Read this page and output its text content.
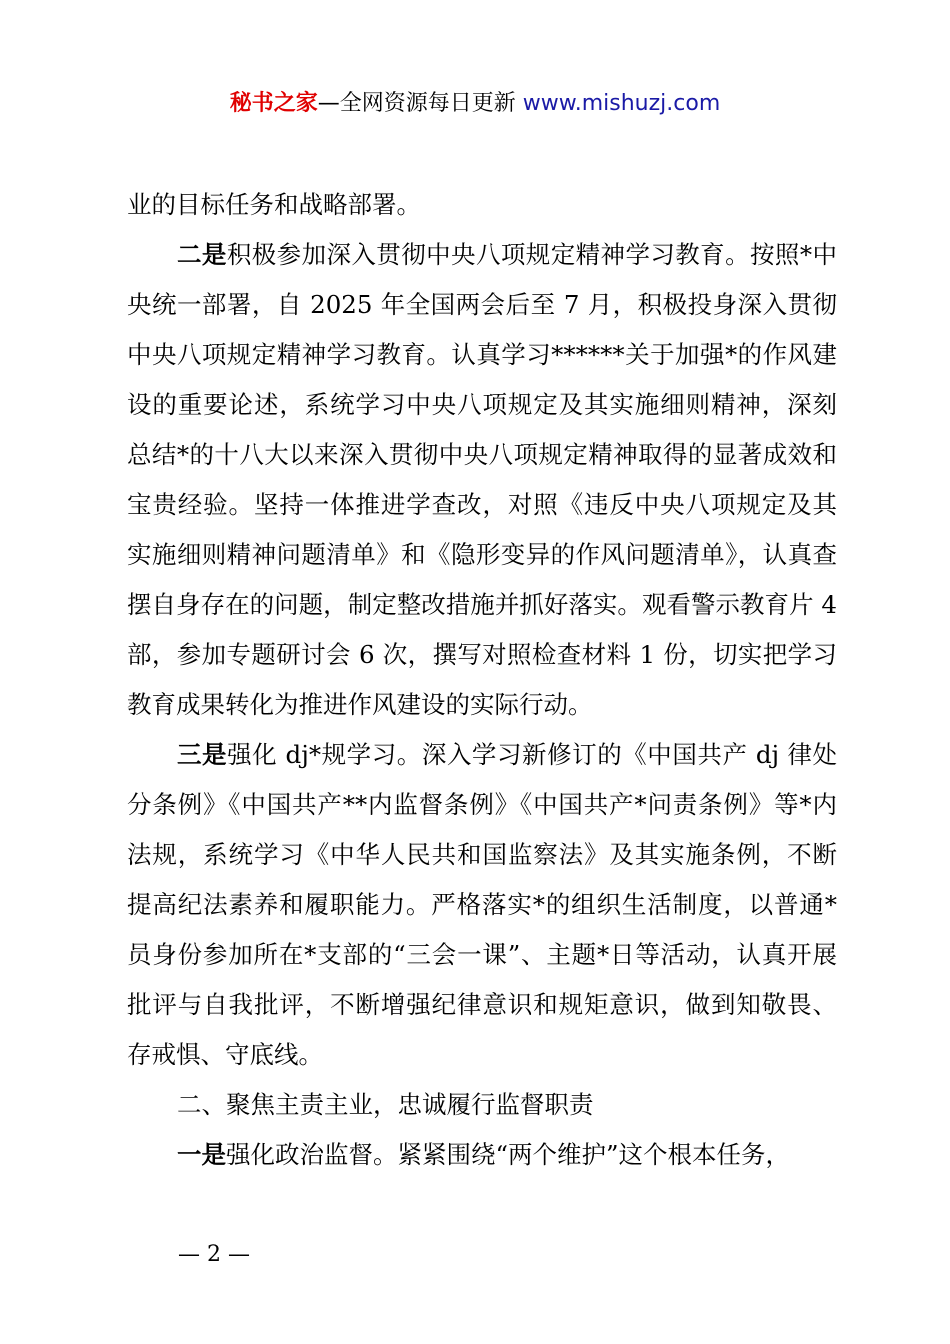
秘书之家—全网资源每日更新 www.mishuzj.com

业的目标任务和战略部署。

二是积极参加深入贯彻中央八项规定精神学习教育。按照*中央统一部署，自 2025 年全国两会后至 7 月，积极投身深入贯彻中央八项规定精神学习教育。认真学习******关于加强*的作风建设的重要论述，系统学习中央八项规定及其实施细则精神，深刻总结*的十八大以来深入贯彻中央八项规定精神取得的显著成效和宝贵经验。坚持一体推进学查改，对照《违反中央八项规定及其实施细则精神问题清单》和《隐形变异的作风问题清单》，认真查摆自身存在的问题，制定整改措施并抓好落实。观看警示教育片 4 部，参加专题研讨会 6 次，撰写对照检查材料 1 份，切实把学习教育成果转化为推进作风建设的实际行动。

三是强化 dj*规学习。深入学习新修订的《中国共产 dj 律处分条例》《中国共产**内监督条例》《中国共产*问责条例》等*内法规，系统学习《中华人民共和国监察法》及其实施条例，不断提高纪法素养和履职能力。严格落实*的组织生活制度，以普通*员身份参加所在*支部的“三会一课”、主题*日等活动，认真开展批评与自我批评，不断增强纪律意识和规矩意识，做到知敬畏、存戒惧、守底线。

二、聚焦主责主业，忠诚履行监督职责

一是强化政治监督。紧紧围绕“两个维护”这个根本任务，

— 2 —
